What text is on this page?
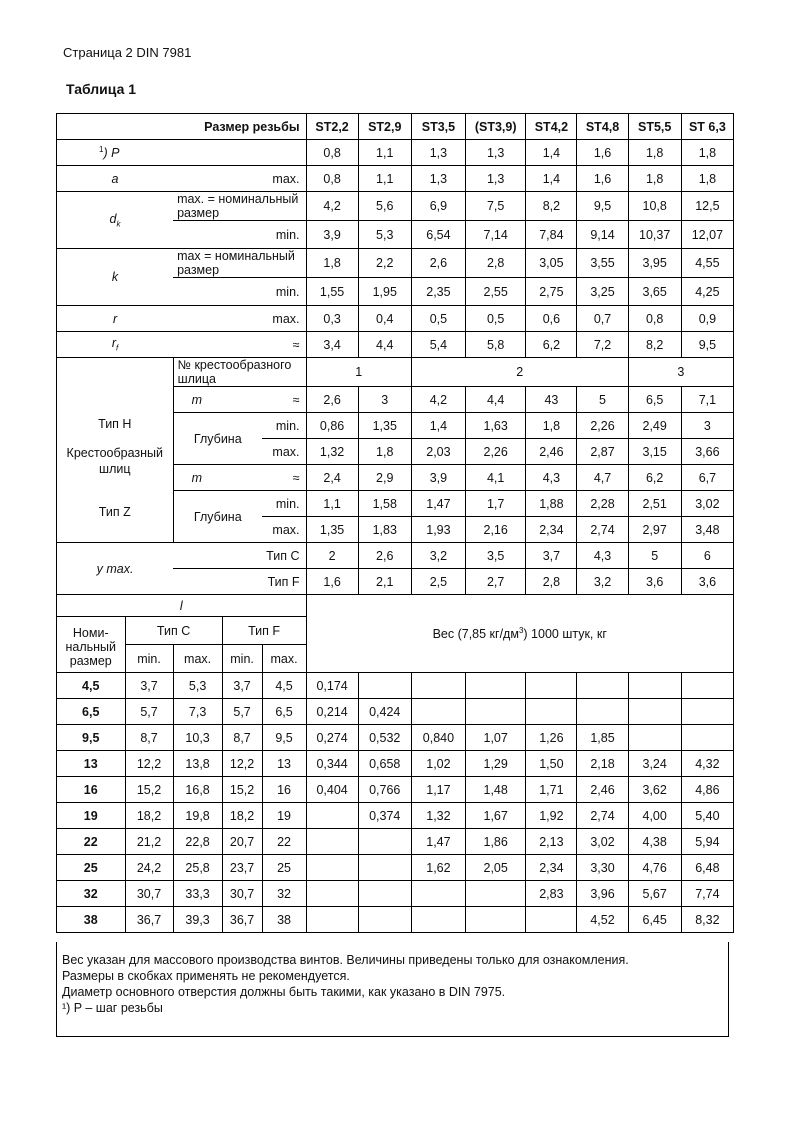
Страница 2 DIN 7981
Таблица 1
Размер резьбы					ST2,2	ST2,9	ST3,5	(ST3,9)	ST4,2	ST4,8	ST5,5	ST 6,3
$^1$) P					0,8	1,1	1,3	1,3	1,4	1,6	1,8	1,8
a		max.			0,8	1,1	1,3	1,3	1,4	1,6	1,8	1,8
$d_k$		max. = номинальный размер			4,2	5,6	6,9	7,5	8,2	9,5	10,8	12,5
		min.			3,9	5,3	6,54	7,14	7,84	9,14	10,37	12,07
k		max = номинальный размер			1,8	2,2	2,6	2,8	3,05	3,55	3,95	4,55
		min.			1,55	1,95	2,35	2,55	2,75	3,25	3,65	4,25
r		max.			0,3	0,4	0,5	0,5	0,6	0,7	0,8	0,9
$r_f$		≈			3,4	4,4	5,4	5,8	6,2	7,2	8,2	9,5

Тип H
Крестообразный шлиц
Тип Z		№ крестообразного шлица			1		2				3	
		m		≈	2,6	3	4,2	4,4	43	5	6,5	7,1
		Глубина		min.	0,86	1,35	1,4	1,63	1,8	2,26	2,49	3
				max.	1,32	1,8	2,03	2,26	2,46	2,87	3,15	3,66
		m		≈	2,4	2,9	3,9	4,1	4,3	4,7	6,2	6,7
		Глубина		min.	1,1	1,58	1,47	1,7	1,88	2,28	2,51	3,02
				max.	1,35	1,83	1,93	2,16	2,34	2,74	2,97	3,48
y max.		Тип C			2	2,6	3,2	3,5	3,7	4,3	5	6
		Тип F			1,6	2,1	2,5	2,7	2,8	3,2	3,6	3,6
l					Вес (7,85 $кг/дм^3$) 1000 штук, кг							

Номи-нальный размер	Тип C		Тип F									
	min.	max.	min.	max.								
4,5	3,7	5,3	3,7	4,5	0,174							
6,5	5,7	7,3	5,7	6,5	0,214	0,424						
9,5	8,7	10,3	8,7	9,5	0,274	0,532	0,840	1,07	1,26	1,85		
13	12,2	13,8	12,2	13	0,344	0,658	1,02	1,29	1,50	2,18	3,24	4,32
16	15,2	16,8	15,2	16	0,404	0,766	1,17	1,48	1,71	2,46	3,62	4,86
19	18,2	19,8	18,2	19		0,374	1,32	1,67	1,92	2,74	4,00	5,40
22	21,2	22,8	20,7	22			1,47	1,86	2,13	3,02	4,38	5,94
25	24,2	25,8	23,7	25			1,62	2,05	2,34	3,30	4,76	6,48
32	30,7	33,3	30,7	32					2,83	3,96	5,67	7,74
38	36,7	39,3	36,7	38						4,52	6,45	8,32
Вес указан для массового производства винтов. Величины приведены только для ознакомления.
Размеры в скобках применять не рекомендуется.
Диаметр основного отверстия должны быть такими, как указано в DIN 7975.
¹) P – шаг резьбы
